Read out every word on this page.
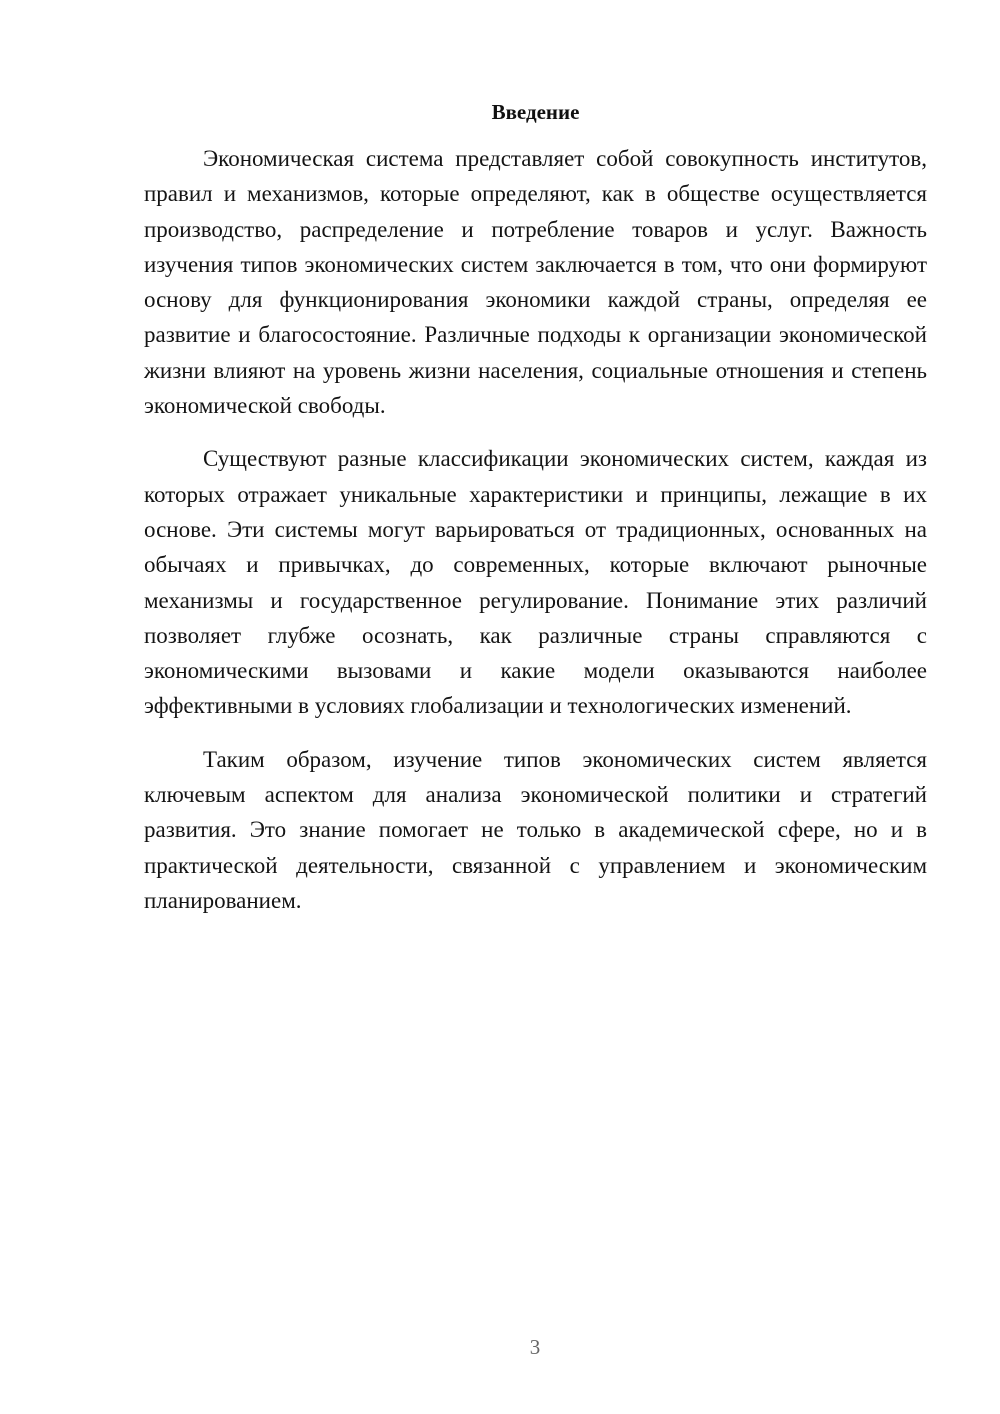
Введение

Экономическая система представляет собой совокупность институтов, правил и механизмов, которые определяют, как в обществе осуществляется производство, распределение и потребление товаров и услуг. Важность изучения типов экономических систем заключается в том, что они формируют основу для функционирования экономики каждой страны, определяя ее развитие и благосостояние. Различные подходы к организации экономической жизни влияют на уровень жизни населения, социальные отношения и степень экономической свободы.

Существуют разные классификации экономических систем, каждая из которых отражает уникальные характеристики и принципы, лежащие в их основе. Эти системы могут варьироваться от традиционных, основанных на обычаях и привычках, до современных, которые включают рыночные механизмы и государственное регулирование. Понимание этих различий позволяет глубже осознать, как различные страны справляются с экономическими вызовами и какие модели оказываются наиболее эффективными в условиях глобализации и технологических изменений.

Таким образом, изучение типов экономических систем является ключевым аспектом для анализа экономической политики и стратегий развития. Это знание помогает не только в академической сфере, но и в практической деятельности, связанной с управлением и экономическим планированием.

3
